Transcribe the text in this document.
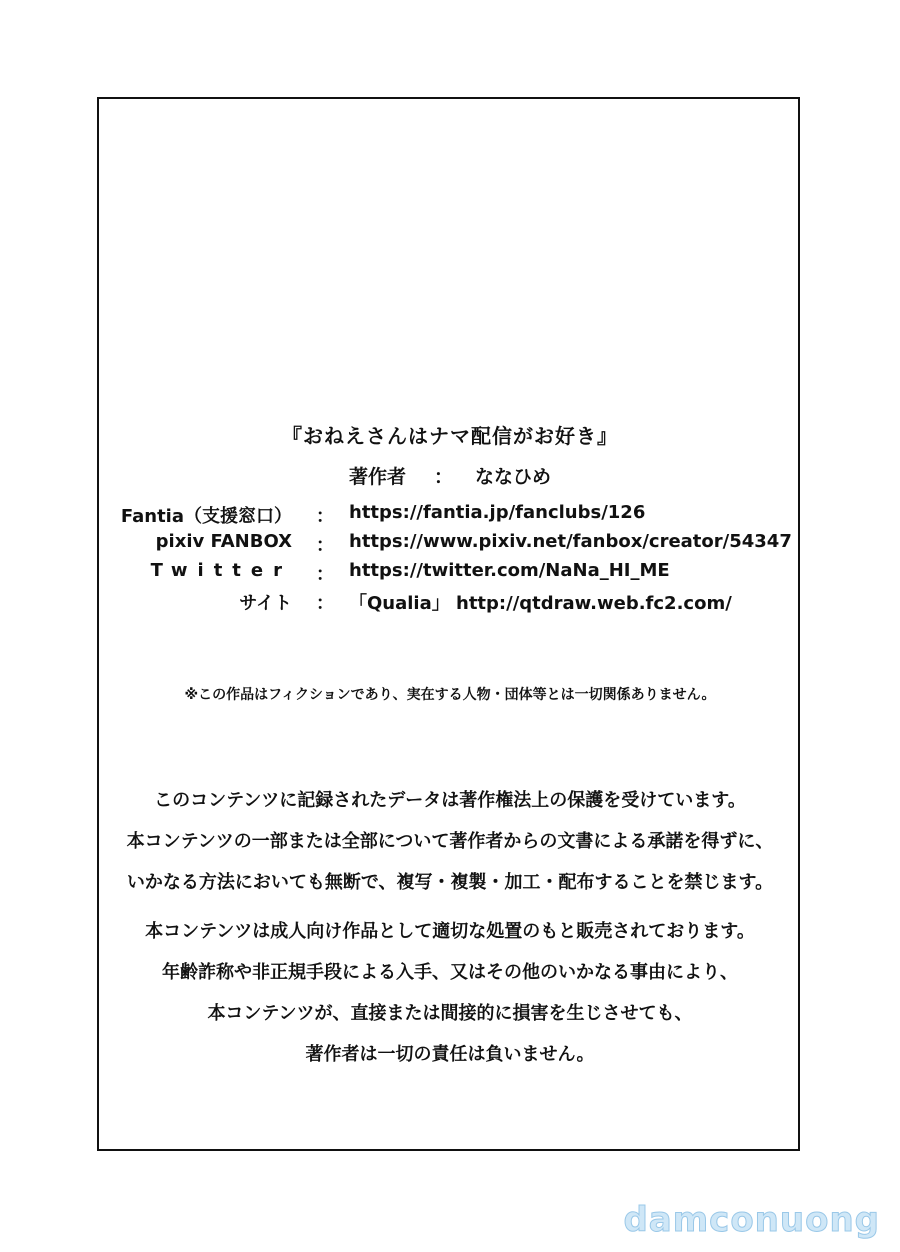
『おねえさんはナマ配信がお好き』
著作者 ： ななひめ
Fantia（支援窓口） ： https://fantia.jp/fanclubs/126
pixiv FANBOX ： https://www.pixiv.net/fanbox/creator/54347
Twitter ： https://twitter.com/NaNa_HI_ME
サイト ： 「Qualia」 http://qtdraw.web.fc2.com/
※この作品はフィクションであり、実在する人物・団体等とは一切関係ありません。
このコンテンツに記録されたデータは著作権法上の保護を受けています。
本コンテンツの一部または全部について著作者からの文書による承諾を得ずに、
いかなる方法においても無断で、複写・複製・加工・配布することを禁じます。
本コンテンツは成人向け作品として適切な処置のもと販売されております。
年齢詐称や非正規手段による入手、又はその他のいかなる事由により、
本コンテンツが、直接または間接的に損害を生じさせても、
著作者は一切の責任は負いません。
damconuong
